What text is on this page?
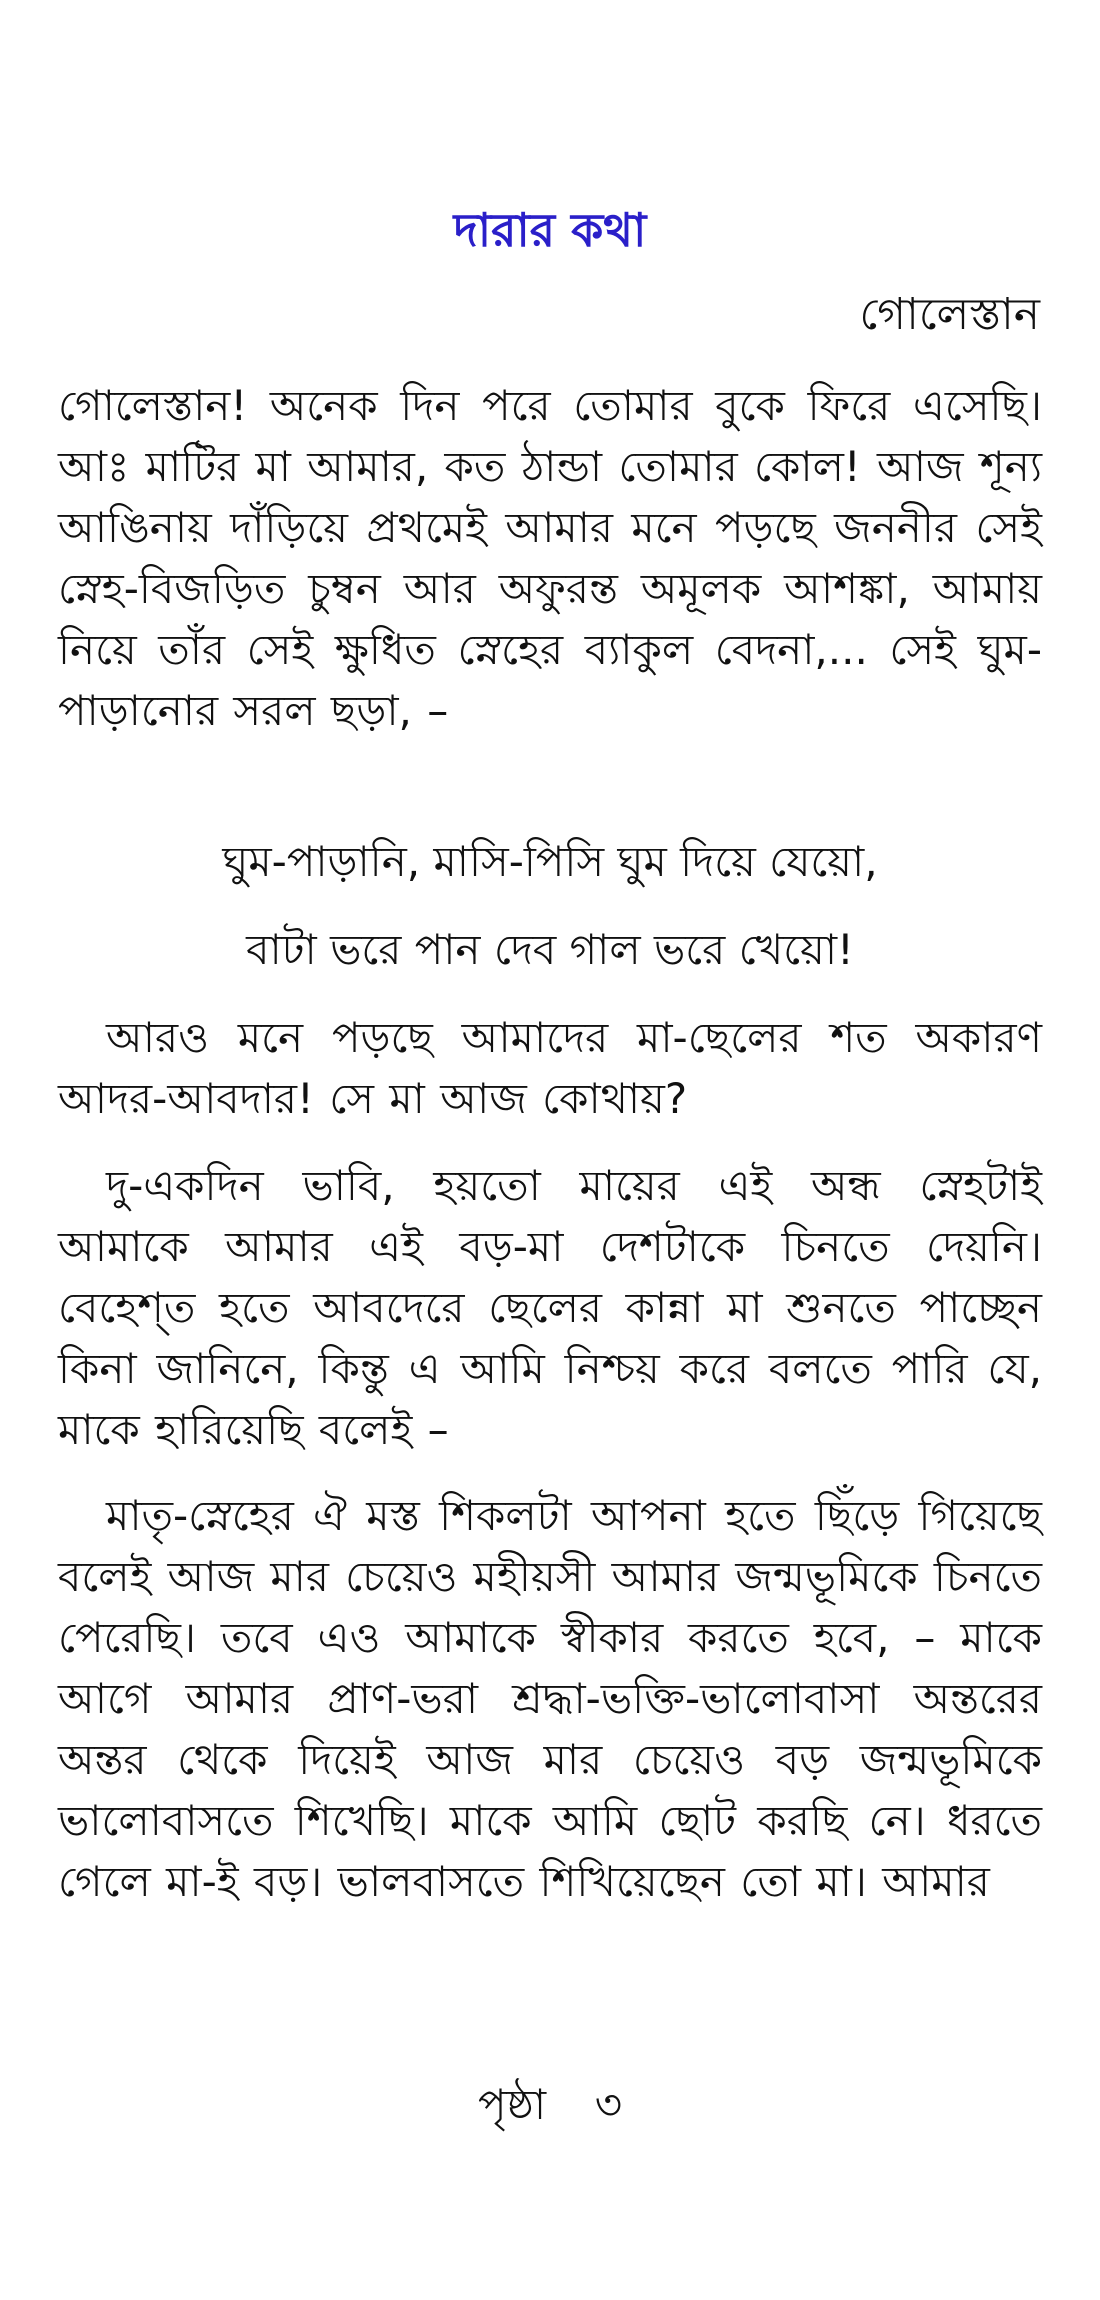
দারার কথা
গোলেস্তান
গোলেস্তান! অনেক দিন পরে তোমার বুকে ফিরে এসেছি। আঃ মাটির মা আমার, কত ঠান্ডা তোমার কোল! আজ শূন্য আঙিনায় দাঁড়িয়ে প্রথমেই আমার মনে পড়ছে জননীর সেই স্নেহ-বিজড়িত চুম্বন আর অফুরন্ত অমূলক আশঙ্কা, আমায় নিয়ে তাঁর সেই ক্ষুধিত স্নেহের ব্যাকুল বেদনা,... সেই ঘুম-পাড়ানোর সরল ছড়া, –
ঘুম-পাড়ানি, মাসি-পিসি ঘুম দিয়ে যেয়ো,
বাটা ভরে পান দেব গাল ভরে খেয়ো!
আরও মনে পড়ছে আমাদের মা-ছেলের শত অকারণ আদর-আবদার! সে মা আজ কোথায়?
দু-একদিন ভাবি, হয়তো মায়ের এই অন্ধ স্নেহটাই আমাকে আমার এই বড়-মা দেশটাকে চিনতে দেয়নি। বেহেশ্‌ত হতে আবদেরে ছেলের কান্না মা শুনতে পাচ্ছেন কিনা জানিনে, কিন্তু এ আমি নিশ্চয় করে বলতে পারি যে, মাকে হারিয়েছি বলেই –
মাতৃ-স্নেহের ঐ মস্ত শিকলটা আপনা হতে ছিঁড়ে গিয়েছে বলেই আজ মার চেয়েও মহীয়সী আমার জন্মভূমিকে চিনতে পেরেছি। তবে এও আমাকে স্বীকার করতে হবে, – মাকে আগে আমার প্রাণ-ভরা শ্রদ্ধা-ভক্তি-ভালোবাসা অন্তরের অন্তর থেকে দিয়েই আজ মার চেয়েও বড় জন্মভূমিকে ভালোবাসতে শিখেছি। মাকে আমি ছোট করছি নে। ধরতে গেলে মা-ই বড়। ভালবাসতে শিখিয়েছেন তো মা। আমার
পৃষ্ঠা ৩
